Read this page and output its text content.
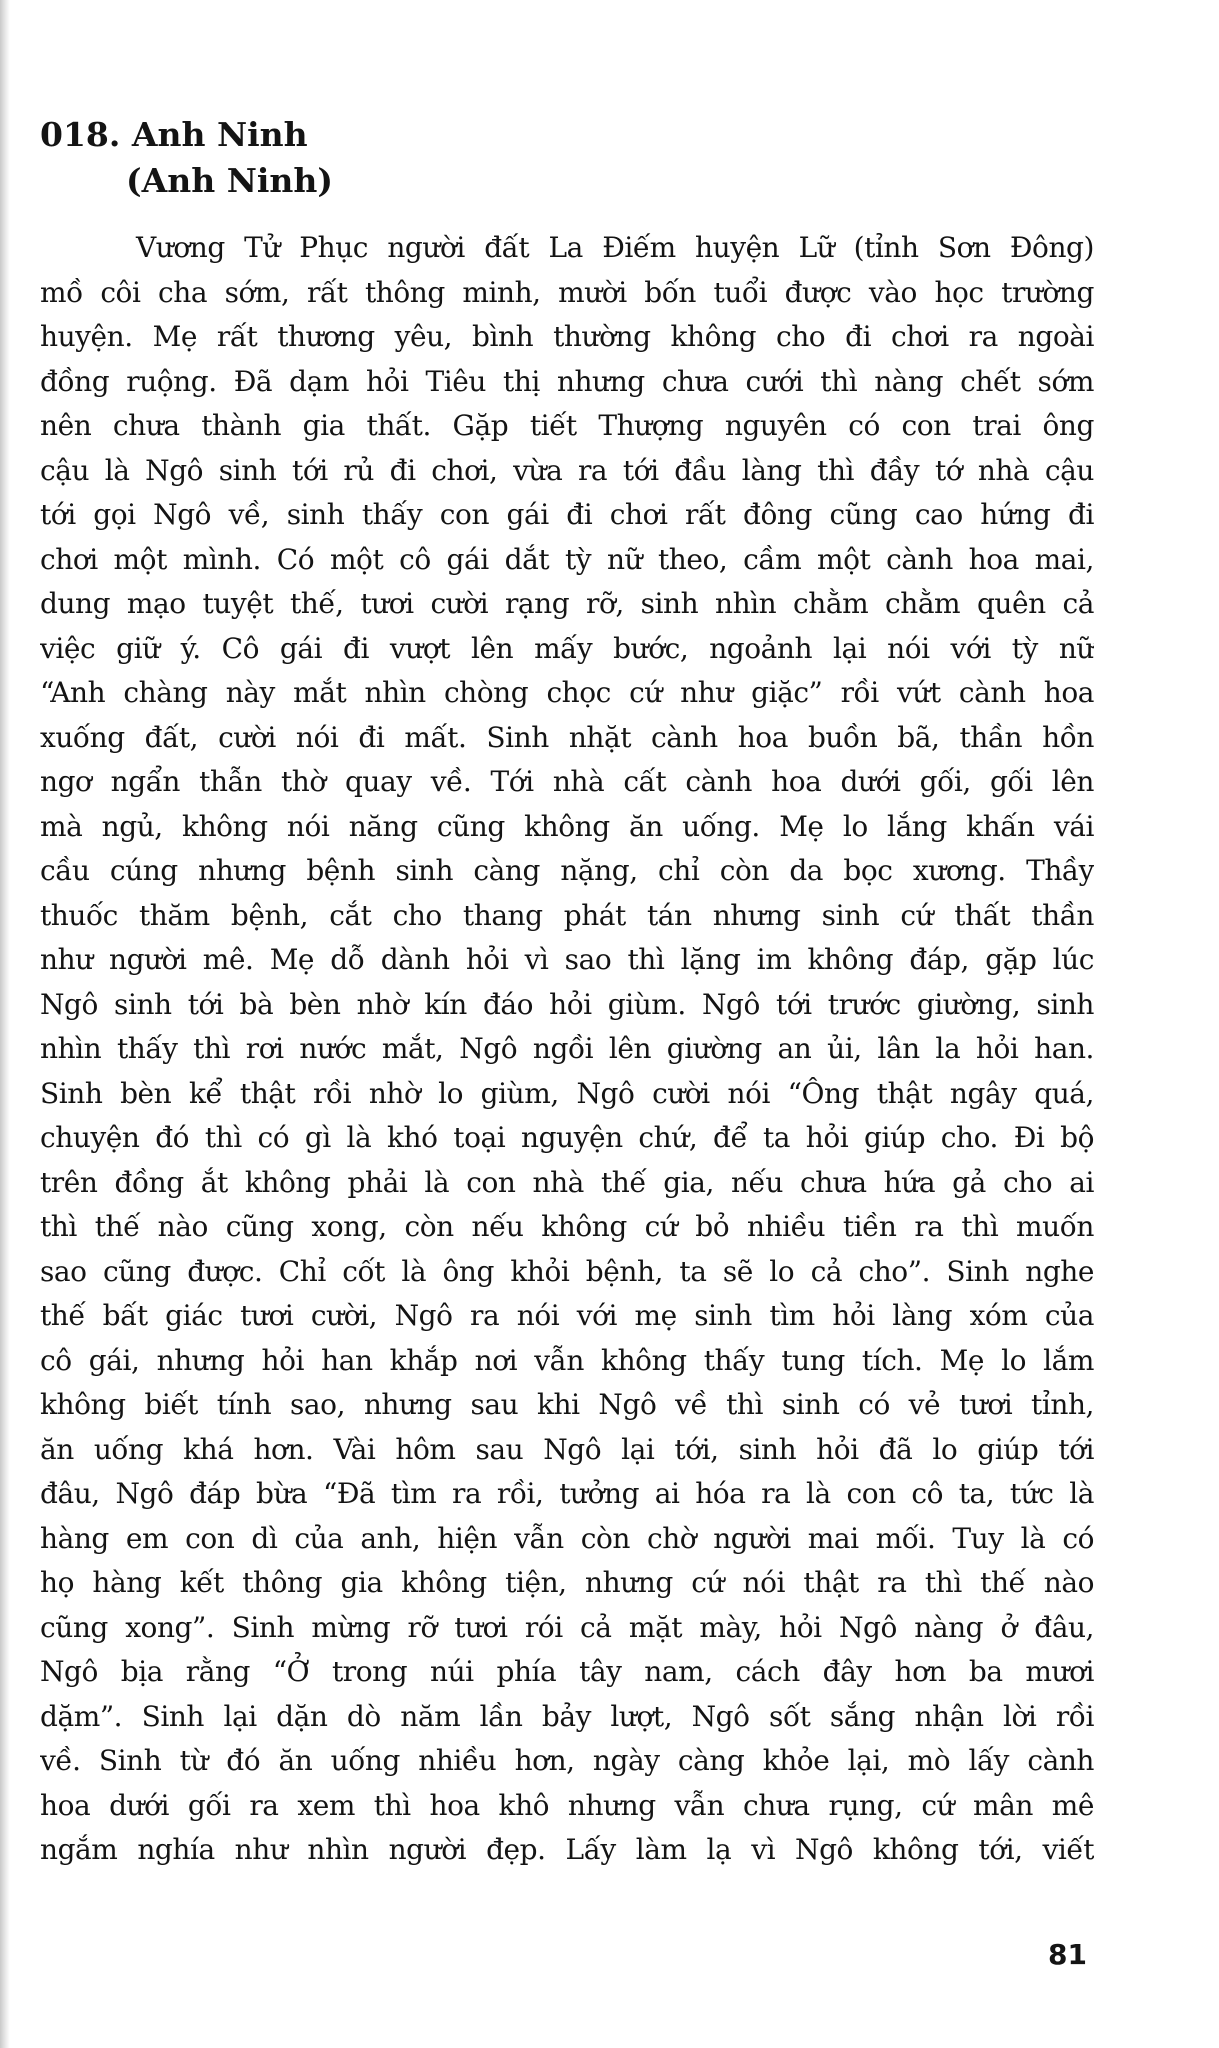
018. Anh Ninh
(Anh Ninh)
Vương Tử Phục người đất La Điếm huyện Lữ (tỉnh Sơn Đông)
mồ côi cha sớm, rất thông minh, mười bốn tuổi được vào học trường
huyện. Mẹ rất thương yêu, bình thường không cho đi chơi ra ngoài
đồng ruộng. Đã dạm hỏi Tiêu thị nhưng chưa cưới thì nàng chết sớm
nên chưa thành gia thất. Gặp tiết Thượng nguyên có con trai ông
cậu là Ngô sinh tới rủ đi chơi, vừa ra tới đầu làng thì đầy tớ nhà cậu
tới gọi Ngô về, sinh thấy con gái đi chơi rất đông cũng cao hứng đi
chơi một mình. Có một cô gái dắt tỳ nữ theo, cầm một cành hoa mai,
dung mạo tuyệt thế, tươi cười rạng rỡ, sinh nhìn chằm chằm quên cả
việc giữ ý. Cô gái đi vượt lên mấy bước, ngoảnh lại nói với tỳ nữ
“Anh chàng này mắt nhìn chòng chọc cứ như giặc” rồi vứt cành hoa
xuống đất, cười nói đi mất. Sinh nhặt cành hoa buồn bã, thần hồn
ngơ ngẩn thẫn thờ quay về. Tới nhà cất cành hoa dưới gối, gối lên
mà ngủ, không nói năng cũng không ăn uống. Mẹ lo lắng khấn vái
cầu cúng nhưng bệnh sinh càng nặng, chỉ còn da bọc xương. Thầy
thuốc thăm bệnh, cắt cho thang phát tán nhưng sinh cứ thất thần
như người mê. Mẹ dỗ dành hỏi vì sao thì lặng im không đáp, gặp lúc
Ngô sinh tới bà bèn nhờ kín đáo hỏi giùm. Ngô tới trước giường, sinh
nhìn thấy thì rơi nước mắt, Ngô ngồi lên giường an ủi, lân la hỏi han.
Sinh bèn kể thật rồi nhờ lo giùm, Ngô cười nói “Ông thật ngây quá,
chuyện đó thì có gì là khó toại nguyện chứ, để ta hỏi giúp cho. Đi bộ
trên đồng ắt không phải là con nhà thế gia, nếu chưa hứa gả cho ai
thì thế nào cũng xong, còn nếu không cứ bỏ nhiều tiền ra thì muốn
sao cũng được. Chỉ cốt là ông khỏi bệnh, ta sẽ lo cả cho”. Sinh nghe
thế bất giác tươi cười, Ngô ra nói với mẹ sinh tìm hỏi làng xóm của
cô gái, nhưng hỏi han khắp nơi vẫn không thấy tung tích. Mẹ lo lắm
không biết tính sao, nhưng sau khi Ngô về thì sinh có vẻ tươi tỉnh,
ăn uống khá hơn. Vài hôm sau Ngô lại tới, sinh hỏi đã lo giúp tới
đâu, Ngô đáp bừa “Đã tìm ra rồi, tưởng ai hóa ra là con cô ta, tức là
hàng em con dì của anh, hiện vẫn còn chờ người mai mối. Tuy là có
họ hàng kết thông gia không tiện, nhưng cứ nói thật ra thì thế nào
cũng xong”. Sinh mừng rỡ tươi rói cả mặt mày, hỏi Ngô nàng ở đâu,
Ngô bịa rằng “Ở trong núi phía tây nam, cách đây hơn ba mươi
dặm”. Sinh lại dặn dò năm lần bảy lượt, Ngô sốt sắng nhận lời rồi
về. Sinh từ đó ăn uống nhiều hơn, ngày càng khỏe lại, mò lấy cành
hoa dưới gối ra xem thì hoa khô nhưng vẫn chưa rụng, cứ mân mê
ngắm nghía như nhìn người đẹp. Lấy làm lạ vì Ngô không tới, viết
81
